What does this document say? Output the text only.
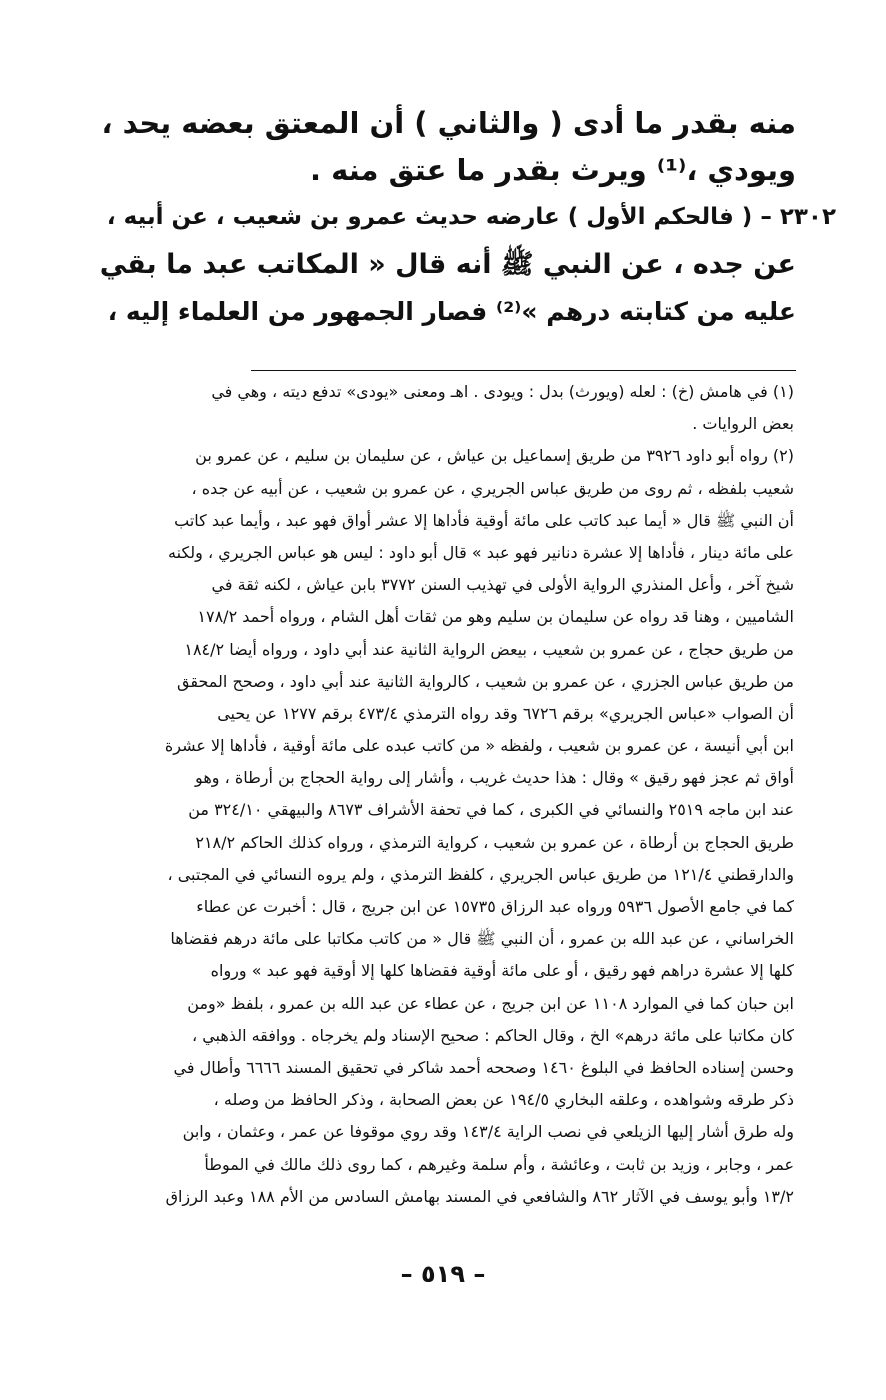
منه بقدر ما أدى ( والثاني ) أن المعتق بعضه يحد ،
ويودي ،⁽¹⁾ ويرث بقدر ما عتق منه .
٢٣٠٢ –( فالحكم الأول ) عارضه حديث عمرو بن شعيب ، عن أبيه ،
عن جده ، عن النبي ﷺ أنه قال « المكاتب عبد ما بقي
عليه من كتابته درهم »⁽²⁾ فصار الجمهور من العلماء إليه ،
(١) في هامش (خ) : لعله (ويورث) بدل : ويودى . اهـ ومعنى «يودى» تدفع ديته ، وهي في
بعض الروايات .
(٢) رواه أبو داود ٣٩٢٦ من طريق إسماعيل بن عياش ، عن سليمان بن سليم ، عن عمرو بن
شعيب بلفظه ، ثم روى من طريق عباس الجريري ، عن عمرو بن شعيب ، عن أبيه عن جده ،
أن النبي ﷺ قال « أيما عبد كاتب على مائة أوقية فأداها إلا عشر أواق فهو عبد ، وأيما عبد كاتب
على مائة دينار ، فأداها إلا عشرة دنانير فهو عبد » قال أبو داود : ليس هو عباس الجريري ، ولكنه
شيخ آخر ، وأعل المنذري الرواية الأولى في تهذيب السنن ٣٧٧٢ بابن عياش ، لكنه ثقة في
الشاميين ، وهنا قد رواه عن سليمان بن سليم وهو من ثقات أهل الشام ، ورواه أحمد ١٧٨/٢
من طريق حجاج ، عن عمرو بن شعيب ، بيعض الرواية الثانية عند أبي داود ، ورواه أيضا ١٨٤/٢
من طريق عباس الجزري ، عن عمرو بن شعيب ، كالرواية الثانية عند أبي داود ، وصحح المحقق
أن الصواب «عباس الجريري» برقم ٦٧٢٦ وقد رواه الترمذي ٤٧٣/٤ برقم ١٢٧٧ عن يحيى
ابن أبي أنيسة ، عن عمرو بن شعيب ، ولفظه « من كاتب عبده على مائة أوقية ، فأداها إلا عشرة
أواق ثم عجز فهو رقيق » وقال : هذا حديث غريب ، وأشار إلى رواية الحجاج بن أرطاة ، وهو
عند ابن ماجه ٢٥١٩ والنسائي في الكبرى ، كما في تحفة الأشراف ٨٦٧٣ والبيهقي ٣٢٤/١٠ من
طريق الحجاج بن أرطاة ، عن عمرو بن شعيب ، كرواية الترمذي ، ورواه كذلك الحاكم ٢١٨/٢
والدارقطني ١٢١/٤ من طريق عباس الجريري ، كلفظ الترمذي ، ولم يروه النسائي في المجتبى ،
كما في جامع الأصول ٥٩٣٦ ورواه عبد الرزاق ١٥٧٣٥ عن ابن جريج ، قال : أخبرت عن عطاء
الخراساني ، عن عبد الله بن عمرو ، أن النبي ﷺ قال « من كاتب مكاتبا على مائة درهم فقضاها
كلها إلا عشرة دراهم فهو رقيق ، أو على مائة أوقية فقضاها كلها إلا أوقية فهو عبد » ورواه
ابن حبان كما في الموارد ١١٠٨ عن ابن جريج ، عن عطاء عن عبد الله بن عمرو ، بلفظ «ومن
كان مكاتبا على مائة درهم» الخ ، وقال الحاكم : صحيح الإسناد ولم يخرجاه . ووافقه الذهبي ،
وحسن إسناده الحافظ في البلوغ ١٤٦٠ وصححه أحمد شاكر في تحقيق المسند ٦٦٦٦ وأطال في
ذكر طرقه وشواهده ، وعلقه البخاري ١٩٤/٥ عن بعض الصحابة ، وذكر الحافظ من وصله ،
وله طرق أشار إليها الزيلعي في نصب الراية ١٤٣/٤ وقد روي موقوفا عن عمر ، وعثمان ، وابن
عمر ، وجابر ، وزيد بن ثابت ، وعائشة ، وأم سلمة وغيرهم ، كما روى ذلك مالك في الموطأ
١٣/٢ وأبو يوسف في الآثار ٨٦٢ والشافعي في المسند بهامش السادس من الأم ١٨٨ وعبد الرزاق
– ٥١٩ –
